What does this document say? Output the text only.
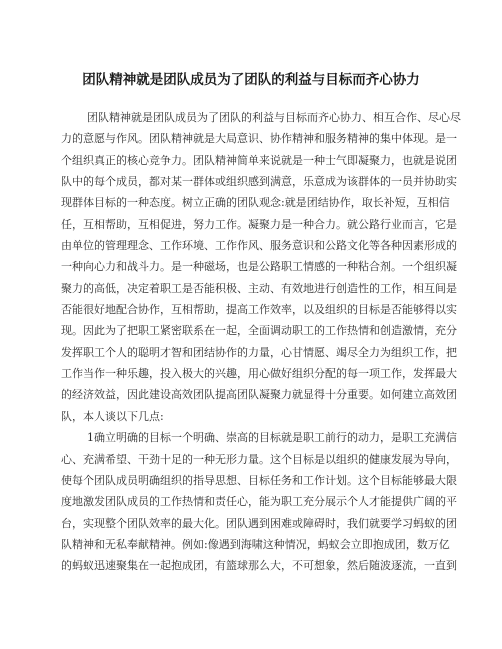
团队精神就是团队成员为了团队的利益与目标而齐心协力
团队精神就是团队成员为了团队的利益与目标而齐心协力、相互合作、尽心尽
力的意愿与作风。团队精神就是大局意识、协作精神和服务精神的集中体现。是一
个组织真正的核心竞争力。团队精神简单来说就是一种士气即凝聚力，也就是说团
队中的每个成员，都对某一群体或组织感到满意，乐意成为该群体的一员并协助实
现群体目标的一种态度。树立正确的团队观念:就是团结协作，取长补短，互相信
任，互相帮助，互相促进，努力工作。凝聚力是一种合力。就公路行业而言，它是
由单位的管理理念、工作环境、工作作风、服务意识和公路文化等各种因素形成的
一种向心力和战斗力。是一种磁场，也是公路职工情感的一种粘合剂。一个组织凝
聚力的高低，决定着职工是否能积极、主动、有效地进行创造性的工作，相互间是
否能很好地配合协作，互相帮助，提高工作效率，以及组织的目标是否能够得以实
现。因此为了把职工紧密联系在一起，全面调动职工的工作热情和创造激情，充分
发挥职工个人的聪明才智和团结协作的力量，心甘情愿、竭尽全力为组织工作，把
工作当作一种乐趣，投入极大的兴趣，用心做好组织分配的每一项工作，发挥最大
的经济效益，因此建设高效团队提高团队凝聚力就显得十分重要。如何建立高效团
队，本人谈以下几点:
1确立明确的目标一个明确、崇高的目标就是职工前行的动力，是职工充满信
心、充满希望、干劲十足的一种无形力量。这个目标是以组织的健康发展为导向，
使每个团队成员明确组织的指导思想、目标任务和工作计划。这个目标能够最大限
度地激发团队成员的工作热情和责任心，能为职工充分展示个人才能提供广阔的平
台，实现整个团队效率的最大化。团队遇到困难或障碍时，我们就要学习蚂蚁的团
队精神和无私奉献精神。例如:像遇到海啸这种情况，蚂蚁会立即抱成团，数万亿
的蚂蚁迅速聚集在一起抱成团，有篮球那么大，不可想象，然后随波逐流，一直到
